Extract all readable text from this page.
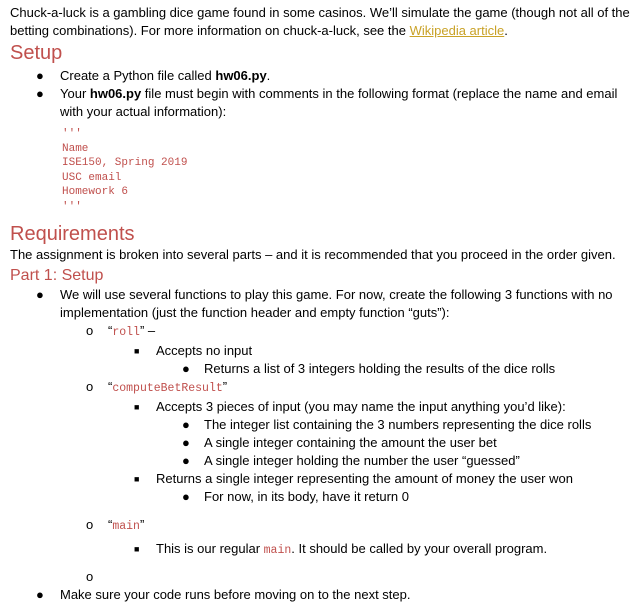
Chuck-a-luck is a gambling dice game found in some casinos. We’ll simulate the game (though not all of the betting combinations). For more information on chuck-a-luck, see the Wikipedia article.

Setup
● Create a Python file called hw06.py.
● Your hw06.py file must begin with comments in the following format (replace the name and email with your actual information):
'''
Name
ISE150, Spring 2019
USC email
Homework 6
'''
Requirements

The assignment is broken into several parts – and it is recommended that you proceed in the order given.

Part 1: Setup
● We will use several functions to play this game. For now, create the following 3 functions with no implementation (just the function header and empty function “guts”):
o “roll” –
■ Accepts no input
● Returns a list of 3 integers holding the results of the dice rolls
o “computeBetResult”
■ Accepts 3 pieces of input (you may name the input anything you’d like):
● The integer list containing the 3 numbers representing the dice rolls
● A single integer containing the amount the user bet
● A single integer holding the number the user “guessed”
■ Returns a single integer representing the amount of money the user won
● For now, in its body, have it return 0
o “main”
■ This is our regular main. It should be called by your overall program.
o

● Make sure your code runs before moving on to the next step.
